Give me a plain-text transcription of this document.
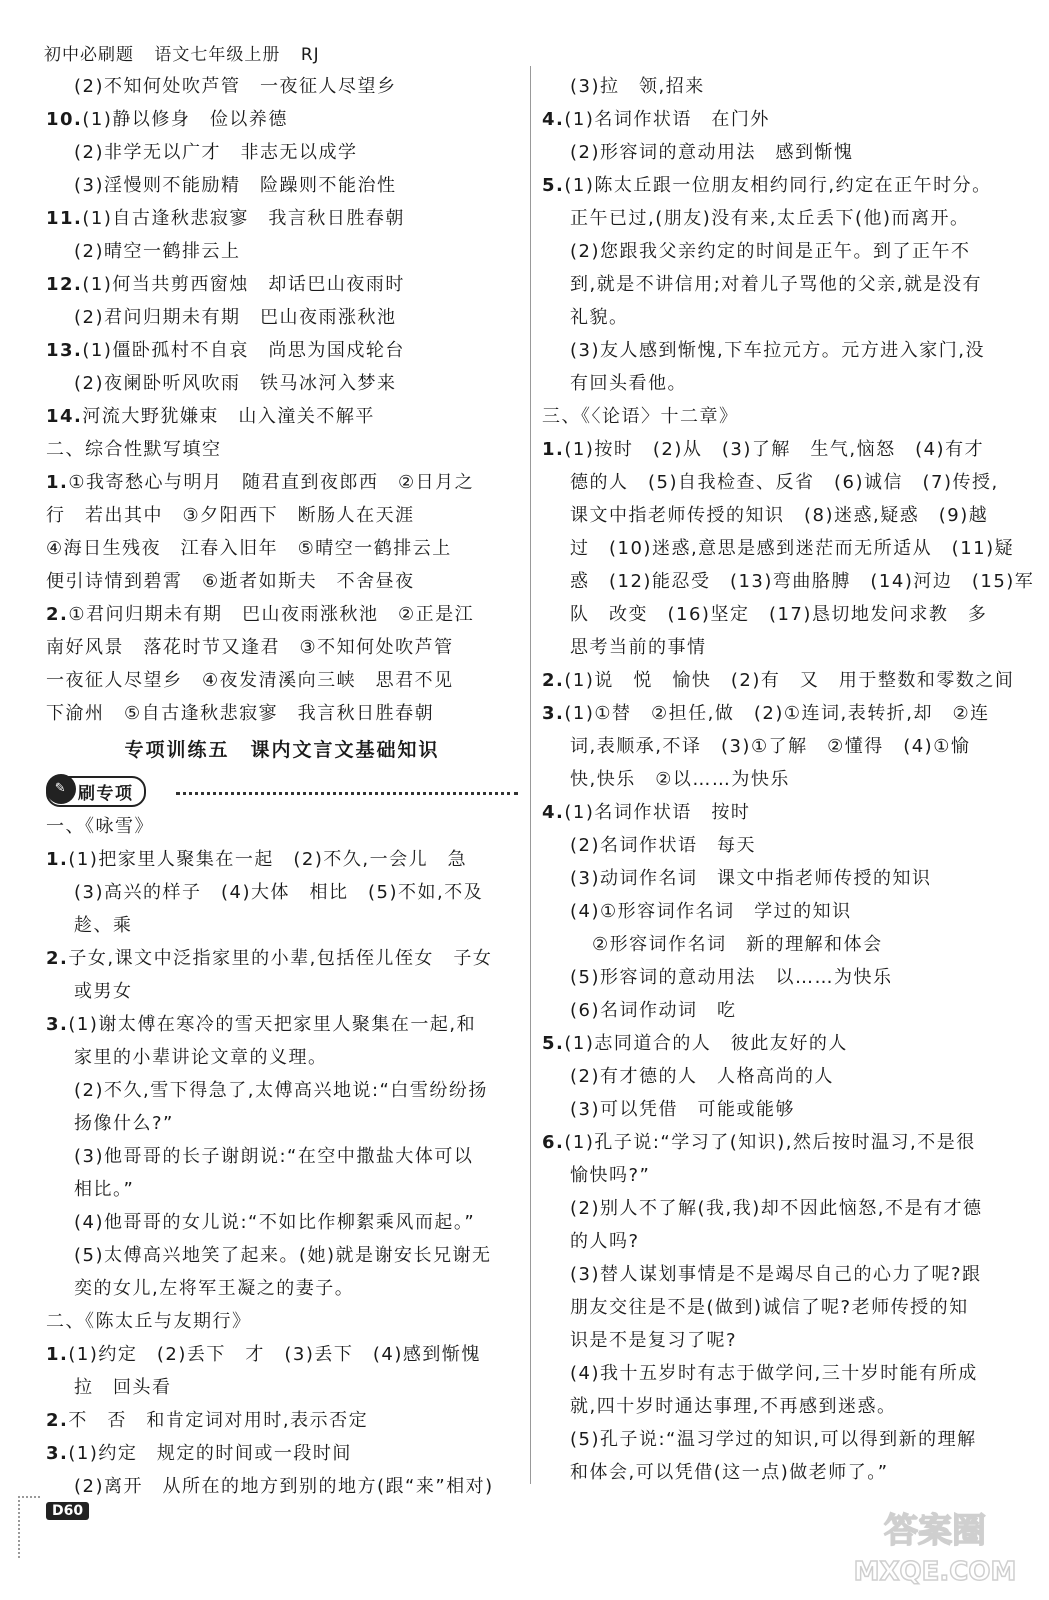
初中必刷题 语文七年级上册 RJ
(2)不知何处吹芦管　一夜征人尽望乡
10.(1)静以修身　俭以养德
(2)非学无以广才　非志无以成学
(3)淫慢则不能励精　险躁则不能治性
11.(1)自古逢秋悲寂寥　我言秋日胜春朝
(2)晴空一鹤排云上
12.(1)何当共剪西窗烛　却话巴山夜雨时
(2)君问归期未有期　巴山夜雨涨秋池
13.(1)僵卧孤村不自哀　尚思为国戍轮台
(2)夜阑卧听风吹雨　铁马冰河入梦来
14.河流大野犹嫌束　山入潼关不解平
二、综合性默写填空
1.①我寄愁心与明月　随君直到夜郎西　②日月之
行　若出其中　③夕阳西下　断肠人在天涯
④海日生残夜　江春入旧年　⑤晴空一鹤排云上
便引诗情到碧霄　⑥逝者如斯夫　不舍昼夜
2.①君问归期未有期　巴山夜雨涨秋池　②正是江
南好风景　落花时节又逢君　③不知何处吹芦管
一夜征人尽望乡　④夜发清溪向三峡　思君不见
下渝州　⑤自古逢秋悲寂寥　我言秋日胜春朝
专项训练五　课内文言文基础知识
✎ 刷专项
一、《咏雪》
1.(1)把家里人聚集在一起　(2)不久,一会儿　急
(3)高兴的样子　(4)大体　相比　(5)不如,不及
趁、乘
2.子女,课文中泛指家里的小辈,包括侄儿侄女　子女
或男女
3.(1)谢太傅在寒冷的雪天把家里人聚集在一起,和
家里的小辈讲论文章的义理。
(2)不久,雪下得急了,太傅高兴地说:“白雪纷纷扬
扬像什么?”
(3)他哥哥的长子谢朗说:“在空中撒盐大体可以
相比。”
(4)他哥哥的女儿说:“不如比作柳絮乘风而起。”
(5)太傅高兴地笑了起来。(她)就是谢安长兄谢无
奕的女儿,左将军王凝之的妻子。
二、《陈太丘与友期行》
1.(1)约定　(2)丢下　才　(3)丢下　(4)感到惭愧
拉　回头看
2.不　否　和肯定词对用时,表示否定
3.(1)约定　规定的时间或一段时间
(2)离开　从所在的地方到别的地方(跟“来”相对)
(3)拉　领,招来
4.(1)名词作状语　在门外
(2)形容词的意动用法　感到惭愧
5.(1)陈太丘跟一位朋友相约同行,约定在正午时分。
正午已过,(朋友)没有来,太丘丢下(他)而离开。
(2)您跟我父亲约定的时间是正午。到了正午不
到,就是不讲信用;对着儿子骂他的父亲,就是没有
礼貌。
(3)友人感到惭愧,下车拉元方。元方进入家门,没
有回头看他。
三、《〈论语〉十二章》
1.(1)按时　(2)从　(3)了解　生气,恼怒　(4)有才
德的人　(5)自我检查、反省　(6)诚信　(7)传授,
课文中指老师传授的知识　(8)迷惑,疑惑　(9)越
过　(10)迷惑,意思是感到迷茫而无所适从　(11)疑
惑　(12)能忍受　(13)弯曲胳膊　(14)河边　(15)军
队　改变　(16)坚定　(17)恳切地发问求教　多
思考当前的事情
2.(1)说　悦　愉快　(2)有　又　用于整数和零数之间
3.(1)①替　②担任,做　(2)①连词,表转折,却　②连
词,表顺承,不译　(3)①了解　②懂得　(4)①愉
快,快乐　②以……为快乐
4.(1)名词作状语　按时
(2)名词作状语　每天
(3)动词作名词　课文中指老师传授的知识
(4)①形容词作名词　学过的知识
②形容词作名词　新的理解和体会
(5)形容词的意动用法　以……为快乐
(6)名词作动词　吃
5.(1)志同道合的人　彼此友好的人
(2)有才德的人　人格高尚的人
(3)可以凭借　可能或能够
6.(1)孔子说:“学习了(知识),然后按时温习,不是很
愉快吗?”
(2)别人不了解(我,我)却不因此恼怒,不是有才德
的人吗?
(3)替人谋划事情是不是竭尽自己的心力了呢?跟
朋友交往是不是(做到)诚信了呢?老师传授的知
识是不是复习了呢?
(4)我十五岁时有志于做学问,三十岁时能有所成
就,四十岁时通达事理,不再感到迷惑。
(5)孔子说:“温习学过的知识,可以得到新的理解
和体会,可以凭借(这一点)做老师了。”
D60	答案圈
MXQE.COM
